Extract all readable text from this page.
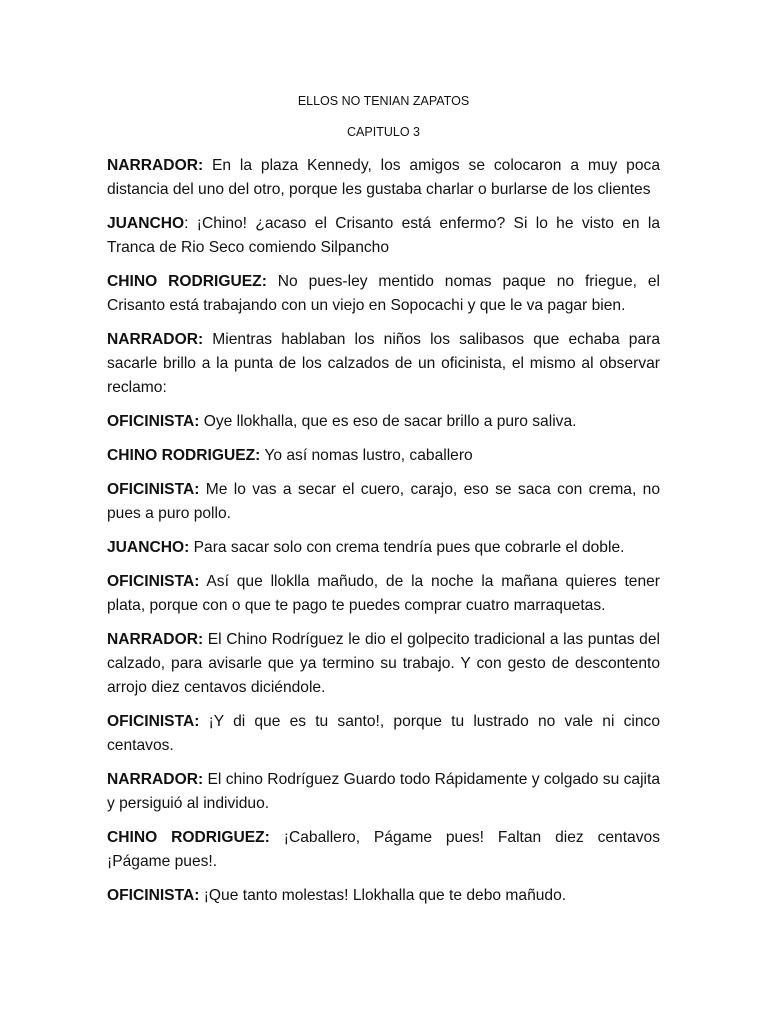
ELLOS NO TENIAN ZAPATOS

CAPITULO 3

NARRADOR: En la plaza Kennedy, los amigos se colocaron a muy poca distancia del uno del otro, porque les gustaba charlar o burlarse de los clientes

JUANCHO: ¡Chino! ¿acaso el Crisanto está enfermo? Si lo he visto en la Tranca de Rio Seco comiendo Silpancho

CHINO RODRIGUEZ: No pues-ley mentido nomas paque no friegue, el Crisanto está trabajando con un viejo en Sopocachi y que le va pagar bien.

NARRADOR: Mientras hablaban los niños los salibasos que echaba para sacarle brillo a la punta de los calzados de un oficinista, el mismo al observar reclamo:

OFICINISTA: Oye llokhalla, que es eso de sacar brillo a puro saliva.

CHINO RODRIGUEZ: Yo así nomas lustro, caballero

OFICINISTA: Me lo vas a secar el cuero, carajo, eso se saca con crema, no pues a puro pollo.

JUANCHO: Para sacar solo con crema tendría pues que cobrarle el doble.

OFICINISTA: Así que lloklla mañudo, de la noche la mañana quieres tener plata, porque con o que te pago te puedes comprar cuatro marraquetas.

NARRADOR: El Chino Rodríguez le dio el golpecito tradicional a las puntas del calzado, para avisarle que ya termino su trabajo. Y con gesto de descontento arrojo diez centavos diciéndole.

OFICINISTA: ¡Y di que es tu santo!, porque tu lustrado no vale ni cinco centavos.

NARRADOR: El chino Rodríguez Guardo todo Rápidamente y colgado su cajita y persiguió al individuo.

CHINO RODRIGUEZ: ¡Caballero, Págame pues! Faltan diez centavos ¡Págame pues!.

OFICINISTA: ¡Que tanto molestas! Llokhalla que te debo mañudo.
